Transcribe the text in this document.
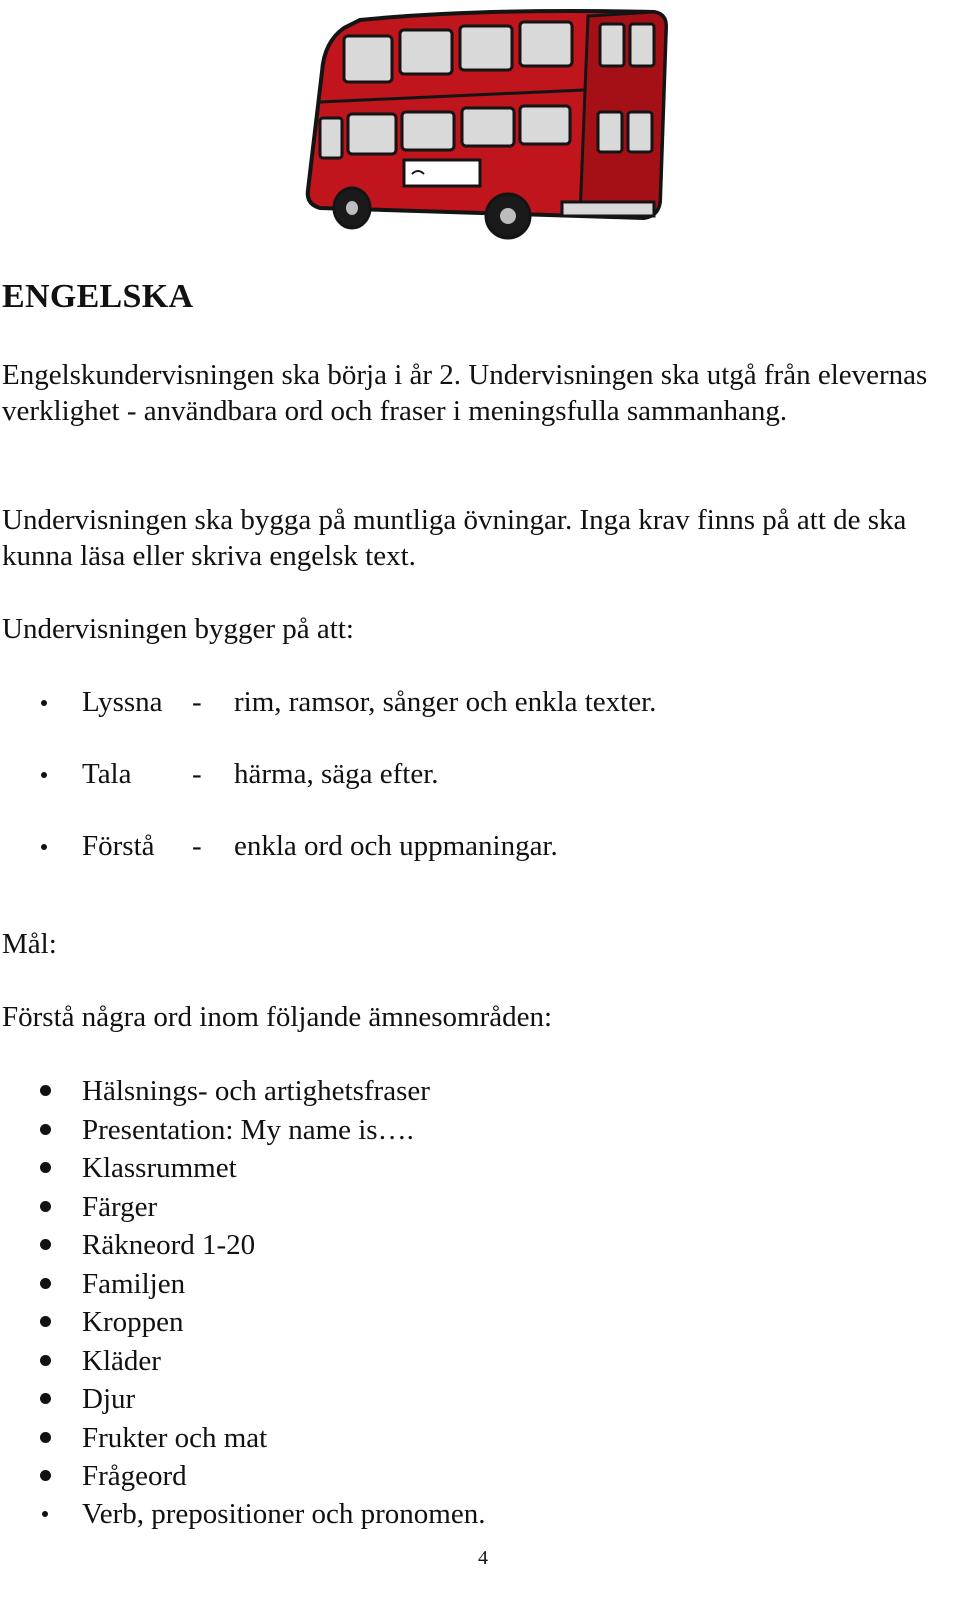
ENGELSKA

Engelskundervisningen ska börja i år 2. Undervisningen ska utgå från elevernas verklighet - användbara ord och fraser i meningsfulla sammanhang.

Undervisningen ska bygga på muntliga övningar. Inga krav finns på att de ska kunna läsa eller skriva engelsk text.

Undervisningen bygger på att:

Lyssna - rim, ramsor, sånger och enkla texter.
Tala - härma, säga efter.
Förstå - enkla ord och uppmaningar.

Mål:

Förstå några ord inom följande ämnesområden:

Hälsnings- och artighetsfraser
Presentation: My name is….
Klassrummet
Färger
Räkneord 1-20
Familjen
Kroppen
Kläder
Djur
Frukter och mat
Frågeord
Verb, prepositioner och pronomen.
4
